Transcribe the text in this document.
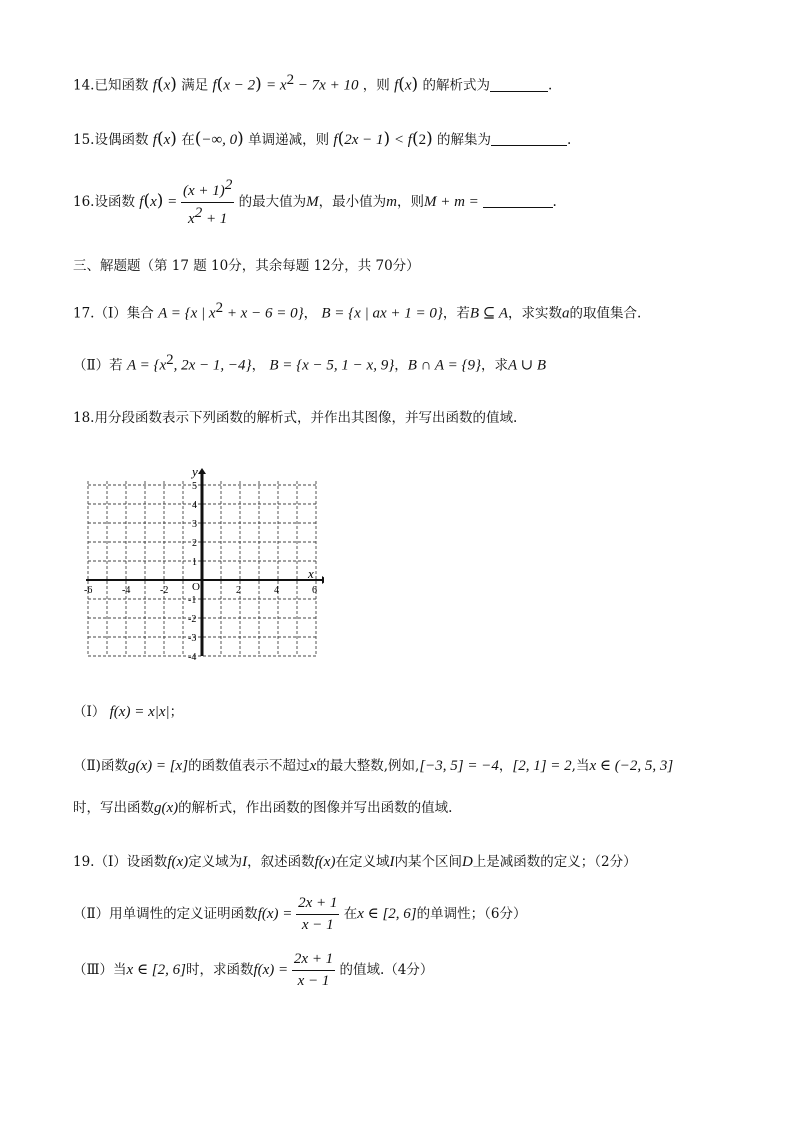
14.已知函数 f(x) 满足 $f(x - 2) = x^2 - 7x + 10$ ，则 f(x) 的解析式为	.
15.设偶函数 f(x) 在(−∞, 0) 单调递减，则 f(2x − 1) < f(2) 的解集为	.
16.设函数 $f(x) = \frac{(x + 1)^2}{x^2 + 1}$ 的最大值为M，最小值为m，则M + m =	.
三、解题题（第 17 题 10分，其余每题 12分，共 70分）
17.（Ⅰ）集合 A = {x | $x^2 + x - 6 = 0$}， B = {x | ax + 1 = 0}，若B ⊆ A，求实数a的取值集合.
（Ⅱ）若 $A = \{x^2$, 2x − 1, −4}， B = {x − 5, 1 − x, 9}，B ∩ A = {9}，求A ∪ B
18.用分段函数表示下列函数的解析式，并作出其图像，并写出函数的值域.
x
y
O
-6	-4	-2	2	4	6
5
4
3
2
1
-1
-2
-3
-4
（Ⅰ） f(x) = x|x|；
（Ⅱ)函数g(x) = [x]的函数值表示不超过x的最大整数,例如,[−3, 5] = −4，[2, 1] = 2,当x ∈ (−2, 5, 3]
时，写出函数g(x)的解析式，作出函数的图像并写出函数的值域.
19.（Ⅰ）设函数f(x)定义域为I，叙述函数f(x)在定义域I内某个区间D上是减函数的定义；（2分）
（Ⅱ）用单调性的定义证明函数$f(x) = \frac{2x + 1}{x - 1}$ 在x ∈ [2, 6]的单调性；（6分）
（Ⅲ）当x ∈ [2, 6]时，求函数$f(x) = \frac{2x + 1}{x - 1}$ 的值域.（4分）
